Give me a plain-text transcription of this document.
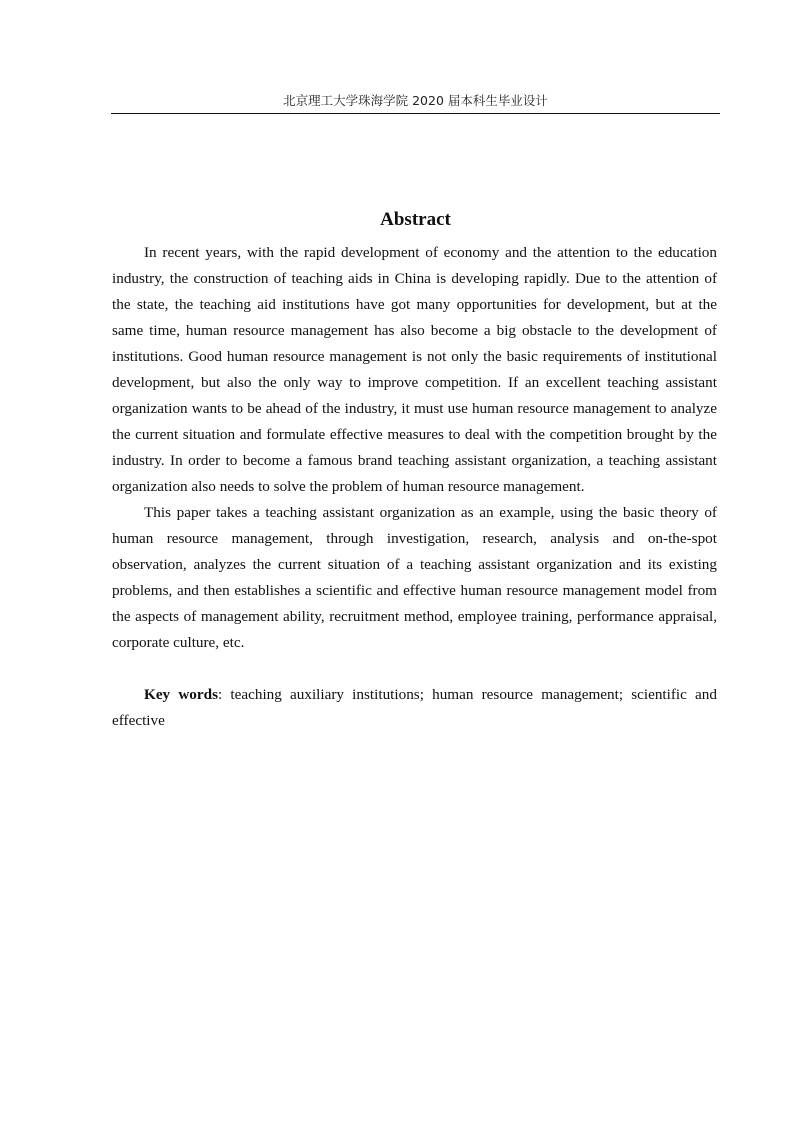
北京理工大学珠海学院 2020 届本科生毕业设计
Abstract

In recent years, with the rapid development of economy and the attention to the education industry, the construction of teaching aids in China is developing rapidly. Due to the attention of the state, the teaching aid institutions have got many opportunities for development, but at the same time, human resource management has also become a big obstacle to the development of institutions. Good human resource management is not only the basic requirements of institutional development, but also the only way to improve competition. If an excellent teaching assistant organization wants to be ahead of the industry, it must use human resource management to analyze the current situation and formulate effective measures to deal with the competition brought by the industry. In order to become a famous brand teaching assistant organization, a teaching assistant organization also needs to solve the problem of human resource management.

This paper takes a teaching assistant organization as an example, using the basic theory of human resource management, through investigation, research, analysis and on-the-spot observation, analyzes the current situation of a teaching assistant organization and its existing problems, and then establishes a scientific and effective human resource management model from the aspects of management ability, recruitment method, employee training, performance appraisal, corporate culture, etc.

Key words: teaching auxiliary institutions; human resource management; scientific and effective
